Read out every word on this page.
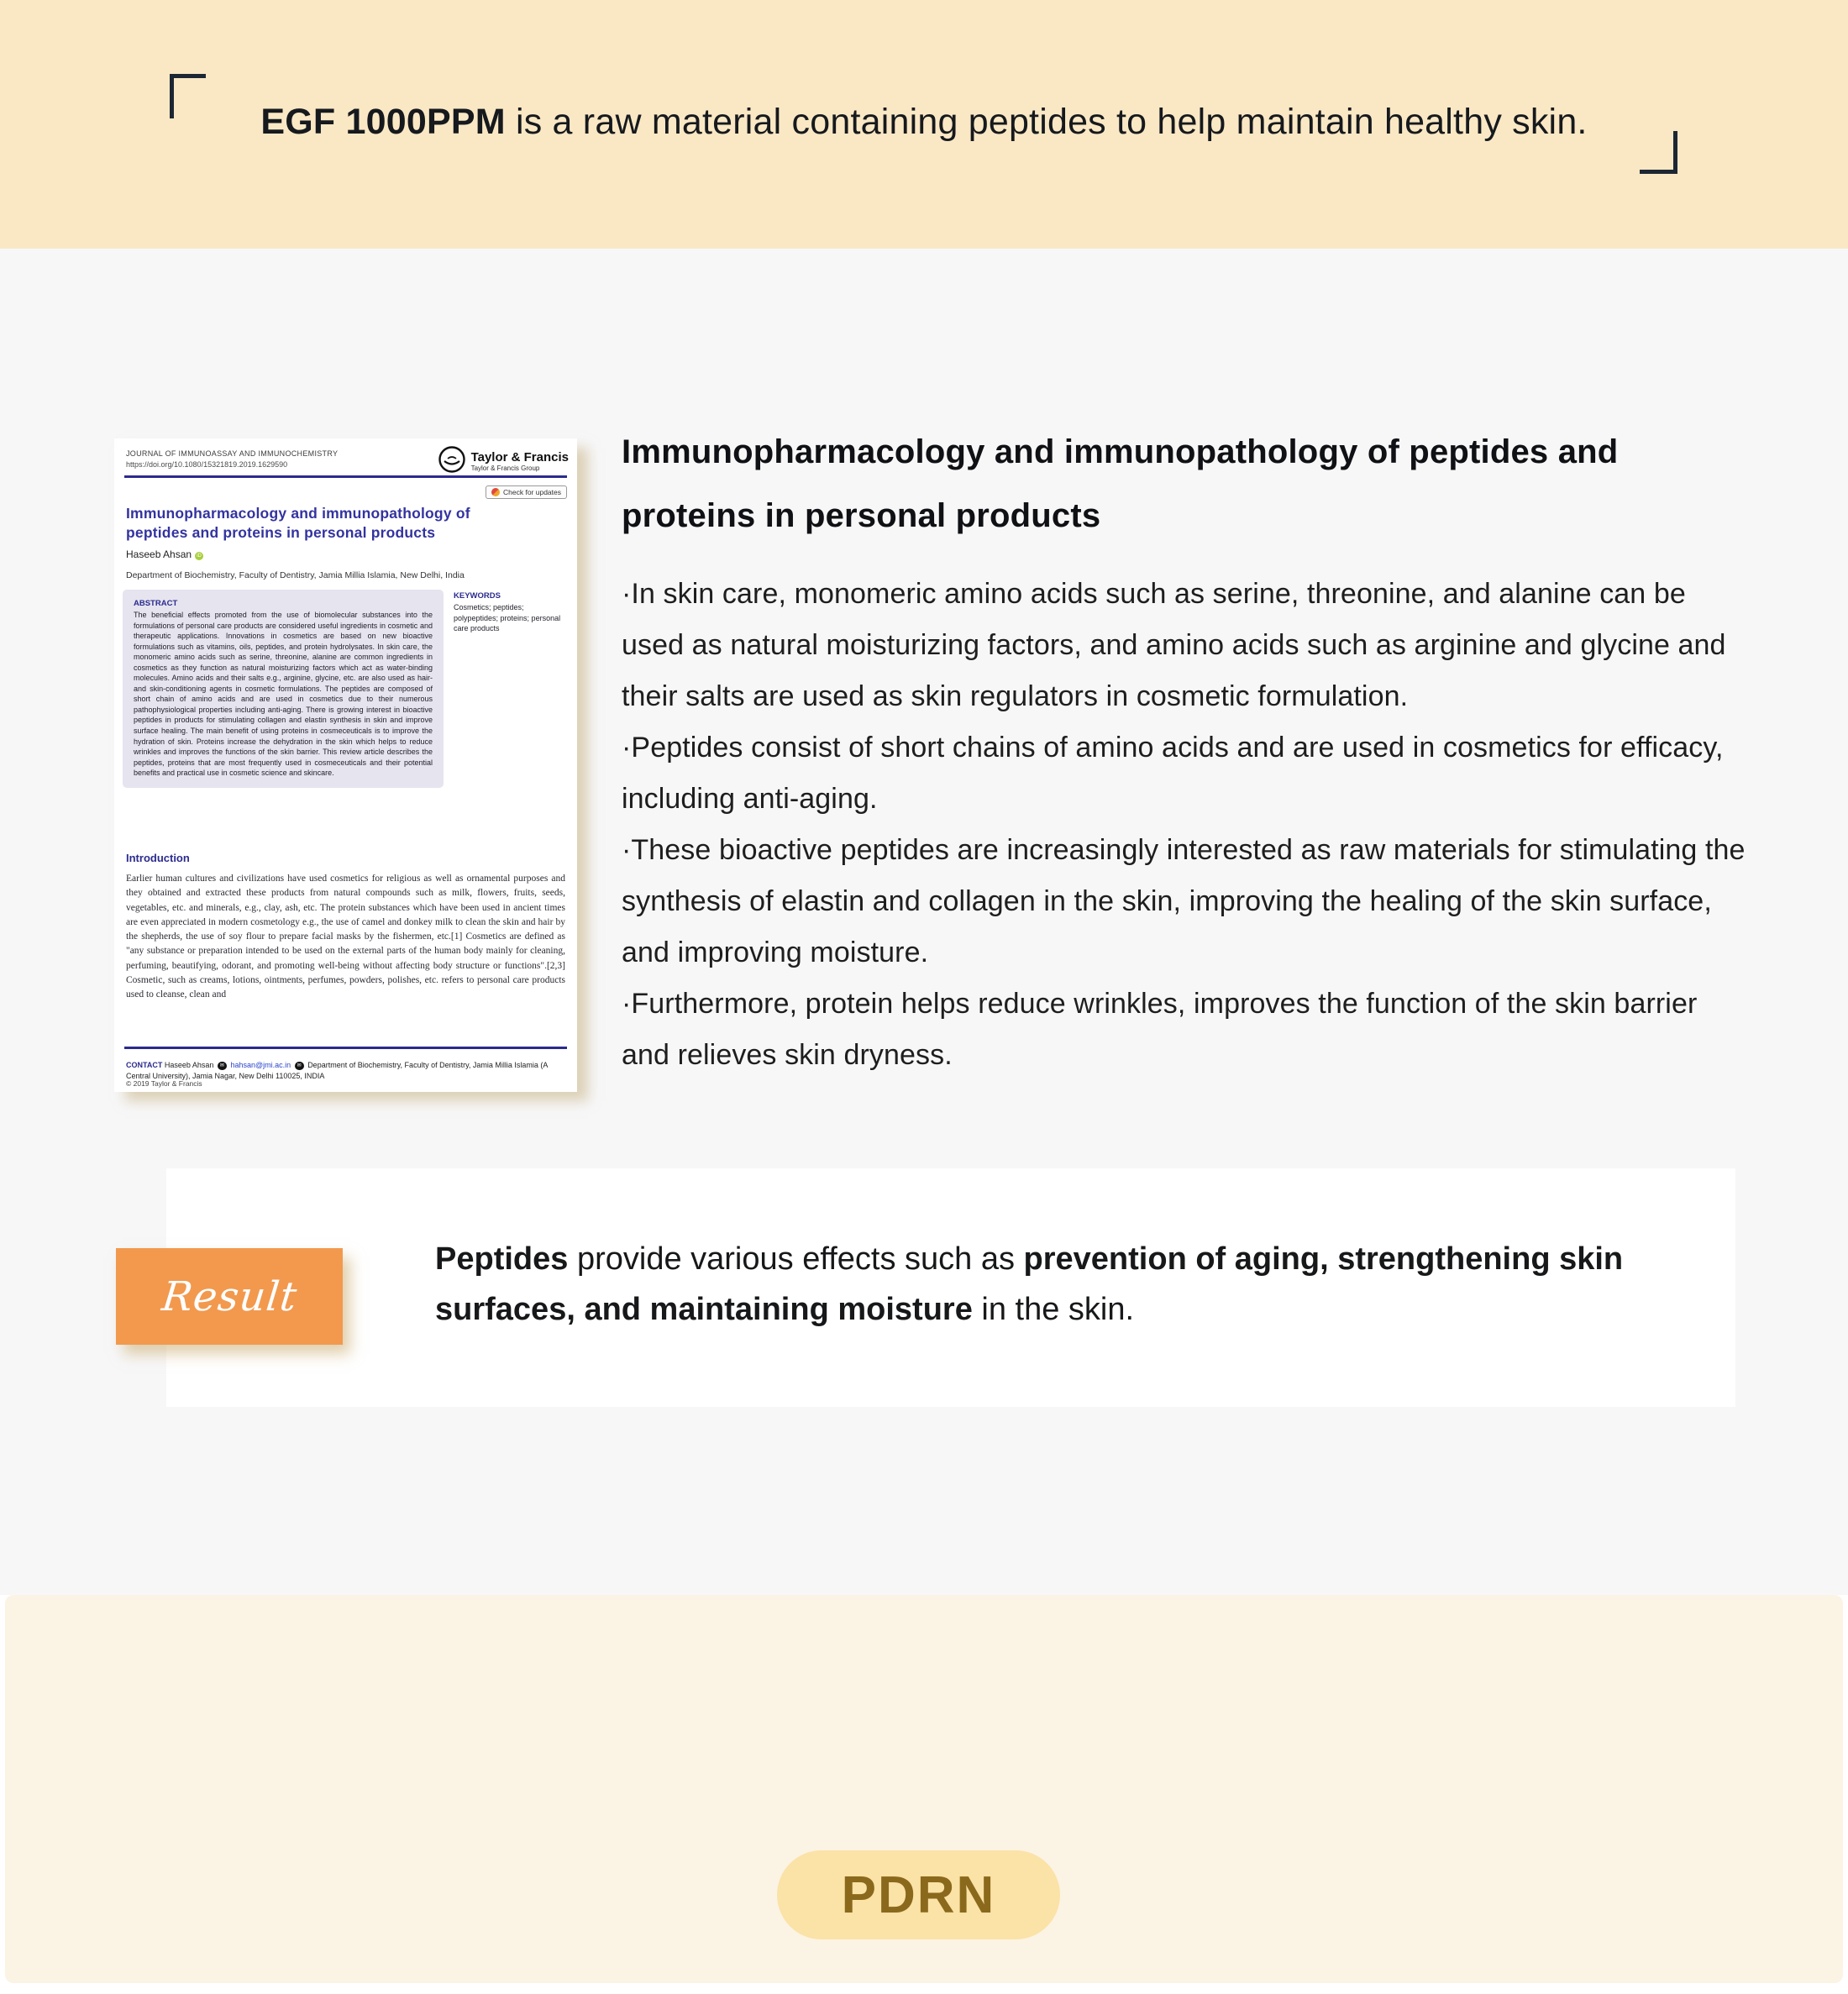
EGF 1000PPM is a raw material containing peptides to help maintain healthy skin.
JOURNAL OF IMMUNOASSAY AND IMMUNOCHEMISTRY
https://doi.org/10.1080/15321819.2019.1629590	Taylor & Francis
Taylor & Francis Group
Check for updates
Immunopharmacology and immunopathology of peptides and proteins in personal products
Haseeb Ahsan iD
Department of Biochemistry, Faculty of Dentistry, Jamia Millia Islamia, New Delhi, India
ABSTRACT
The beneficial effects promoted from the use of biomolecular substances into the formulations of personal care products are considered useful ingredients in cosmetic and therapeutic applications. Innovations in cosmetics are based on new bioactive formulations such as vitamins, oils, peptides, and protein hydrolysates. In skin care, the monomeric amino acids such as serine, threonine, alanine are common ingredients in cosmetics as they function as natural moisturizing factors which act as water-binding molecules. Amino acids and their salts e.g., arginine, glycine, etc. are also used as hair- and skin-conditioning agents in cosmetic formulations. The peptides are composed of short chain of amino acids and are used in cosmetics due to their numerous pathophysiological properties including anti-aging. There is growing interest in bioactive peptides in products for stimulating collagen and elastin synthesis in skin and improve surface healing. The main benefit of using proteins in cosmeceuticals is to improve the hydration of skin. Proteins increase the dehydration in the skin which helps to reduce wrinkles and improves the functions of the skin barrier. This review article describes the peptides, proteins that are most frequently used in cosmeceuticals and their potential benefits and practical use in cosmetic science and skincare.
KEYWORDS
Cosmetics; peptides; polypeptides; proteins; personal care products
Introduction
Earlier human cultures and civilizations have used cosmetics for religious as well as ornamental purposes and they obtained and extracted these products from natural compounds such as milk, flowers, fruits, seeds, vegetables, etc. and minerals, e.g., clay, ash, etc. The protein substances which have been used in ancient times are even appreciated in modern cosmetology e.g., the use of camel and donkey milk to clean the skin and hair by the shepherds, the use of soy flour to prepare facial masks by the fishermen, etc.[1] Cosmetics are defined as "any substance or preparation intended to be used on the external parts of the human body mainly for cleaning, perfuming, beautifying, odorant, and promoting well-being without affecting body structure or functions".[2,3] Cosmetic, such as creams, lotions, ointments, perfumes, powders, polishes, etc. refers to personal care products used to cleanse, clean and

CONTACT Haseeb Ahsan ✉ hahsan@jmi.ac.in ✉ Department of Biochemistry, Faculty of Dentistry, Jamia Millia Islamia (A Central University), Jamia Nagar, New Delhi 110025, INDIA

© 2019 Taylor & Francis
Immunopharmacology and immunopathology of peptides and proteins in personal products

·In skin care, monomeric amino acids such as serine, threonine, and alanine can be used as natural moisturizing factors, and amino acids such as arginine and glycine and their salts are used as skin regulators in cosmetic formulation.

·Peptides consist of short chains of amino acids and are used in cosmetics for efficacy, including anti-aging.

·These bioactive peptides are increasingly interested as raw materials for stimulating the synthesis of elastin and collagen in the skin, improving the healing of the skin surface, and improving moisture.

·Furthermore, protein helps reduce wrinkles, improves the function of the skin barrier and relieves skin dryness.

Peptides provide various effects such as prevention of aging, strengthening skin surfaces, and maintaining moisture in the skin.

Result
PDRN
